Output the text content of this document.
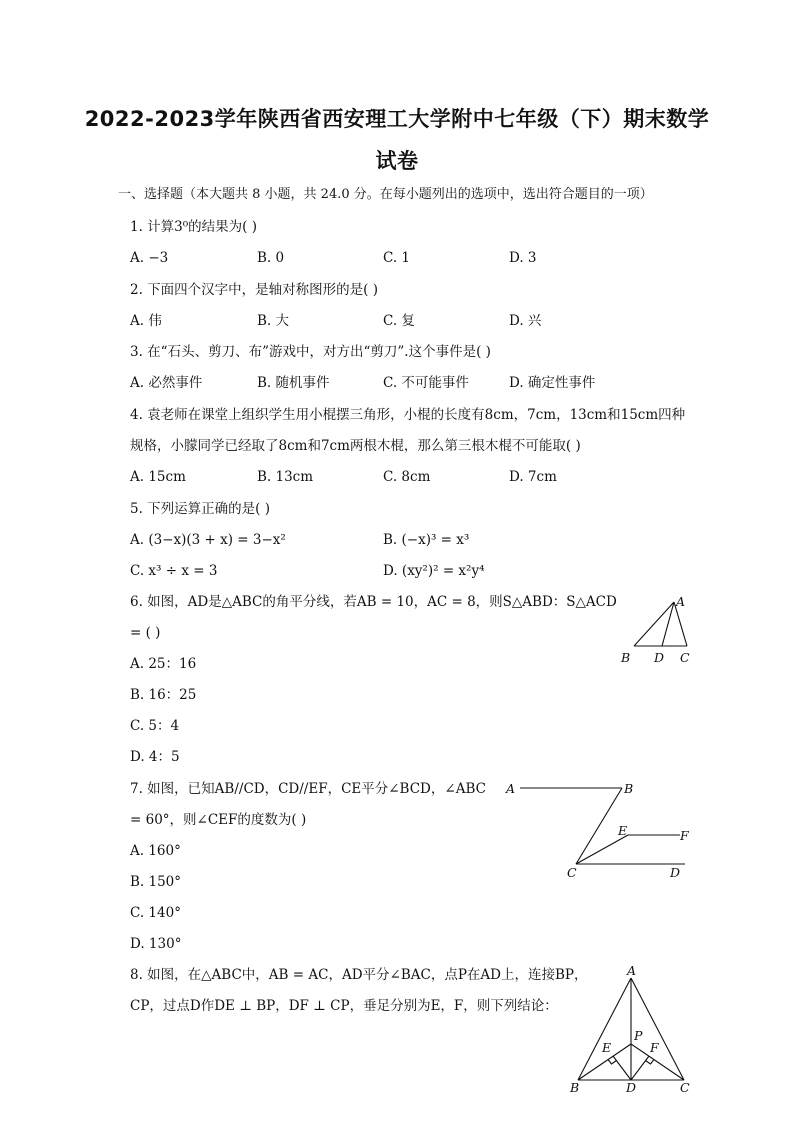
2022-2023学年陕西省西安理工大学附中七年级（下）期末数学
试卷
一、选择题（本大题共 8 小题，共 24.0 分。在每小题列出的选项中，选出符合题目的一项）
1. 计算3⁰的结果为( )
A. −3	B. 0	C. 1	D. 3
2. 下面四个汉字中，是轴对称图形的是( )
A. 伟	B. 大	C. 复	D. 兴
3. 在“石头、剪刀、布”游戏中，对方出“剪刀”.这个事件是( )
A. 必然事件	B. 随机事件	C. 不可能事件	D. 确定性事件
4. 袁老师在课堂上组织学生用小棍摆三角形，小棍的长度有8cm，7cm，13cm和15cm四种
规格，小朦同学已经取了8cm和7cm两根木棍，那么第三根木棍不可能取( )
A. 15cm	B. 13cm	C. 8cm	D. 7cm
5. 下列运算正确的是( )
A. (3−x)(3 + x) = 3−x²	B. (−x)³ = x³
C. x³ ÷ x = 3	D. (xy²)² = x²y⁴
6. 如图，AD是△ABC的角平分线，若AB = 10，AC = 8，则S△ABD：S△ACD
= ( )
A. 25：16
B. 16：25
C. 5：4
D. 4：5
A
B D C
7. 如图，已知AB//CD，CD//EF，CE平分∠BCD，∠ABC
= 60°，则∠CEF的度数为( )
A. 160°
B. 150°
C. 140°
D. 130°
A	B
E	F
C	D
8. 如图，在△ABC中，AB = AC，AD平分∠BAC，点P在AD上，连接BP，
CP，过点D作DE ⊥ BP，DF ⊥ CP，垂足分别为E，F，则下列结论：
A
P
E	F
B	D	C
